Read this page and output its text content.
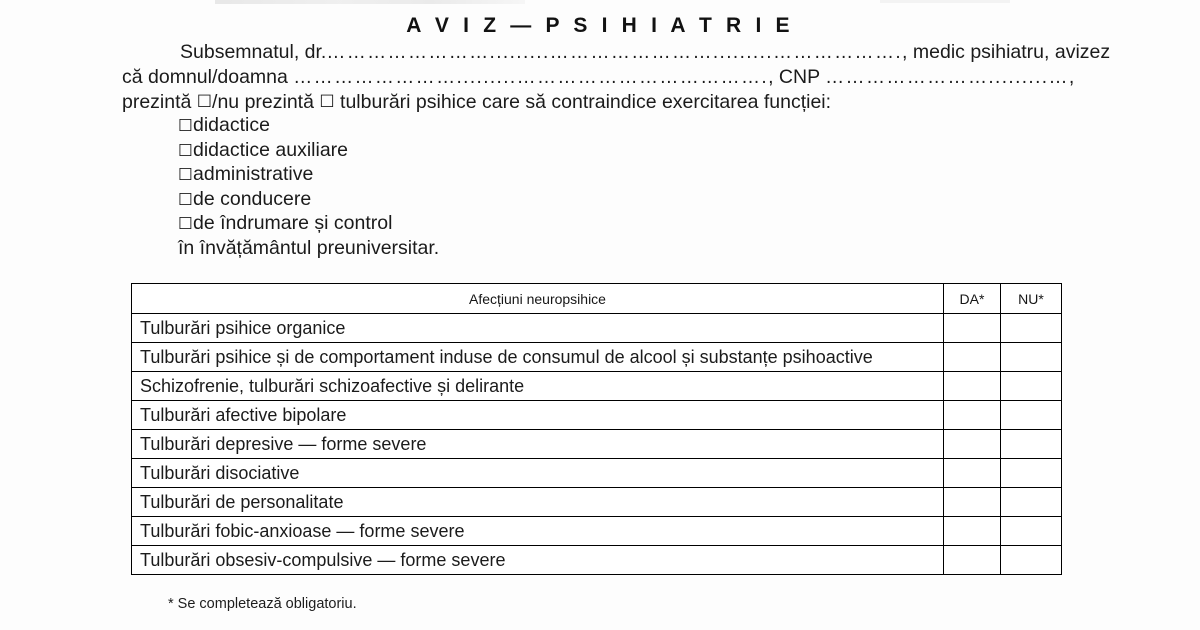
A V I Z — P S I H I A T R I E
Subsemnatul, dr.…………………….........…………………….........………………., medic psihiatru, avizez
că domnul/doamna …………………….........………………………………., CNP …………………….........…,
prezintă ☐/nu prezintă ☐ tulburări psihice care să contraindice exercitarea funcției:
☐didactice
☐didactice auxiliare
☐administrative
☐de conducere
☐de îndrumare și control
în învățământul preuniversitar.
Afecțiuni neuropsihice	DA*	NU*
Tulburări psihice organice		
Tulburări psihice și de comportament induse de consumul de alcool și substanțe psihoactive		
Schizofrenie, tulburări schizoafective și delirante		
Tulburări afective bipolare		
Tulburări depresive — forme severe		
Tulburări disociative		
Tulburări de personalitate		
Tulburări fobic-anxioase — forme severe		
Tulburări obsesiv-compulsive — forme severe		
* Se completează obligatoriu.
